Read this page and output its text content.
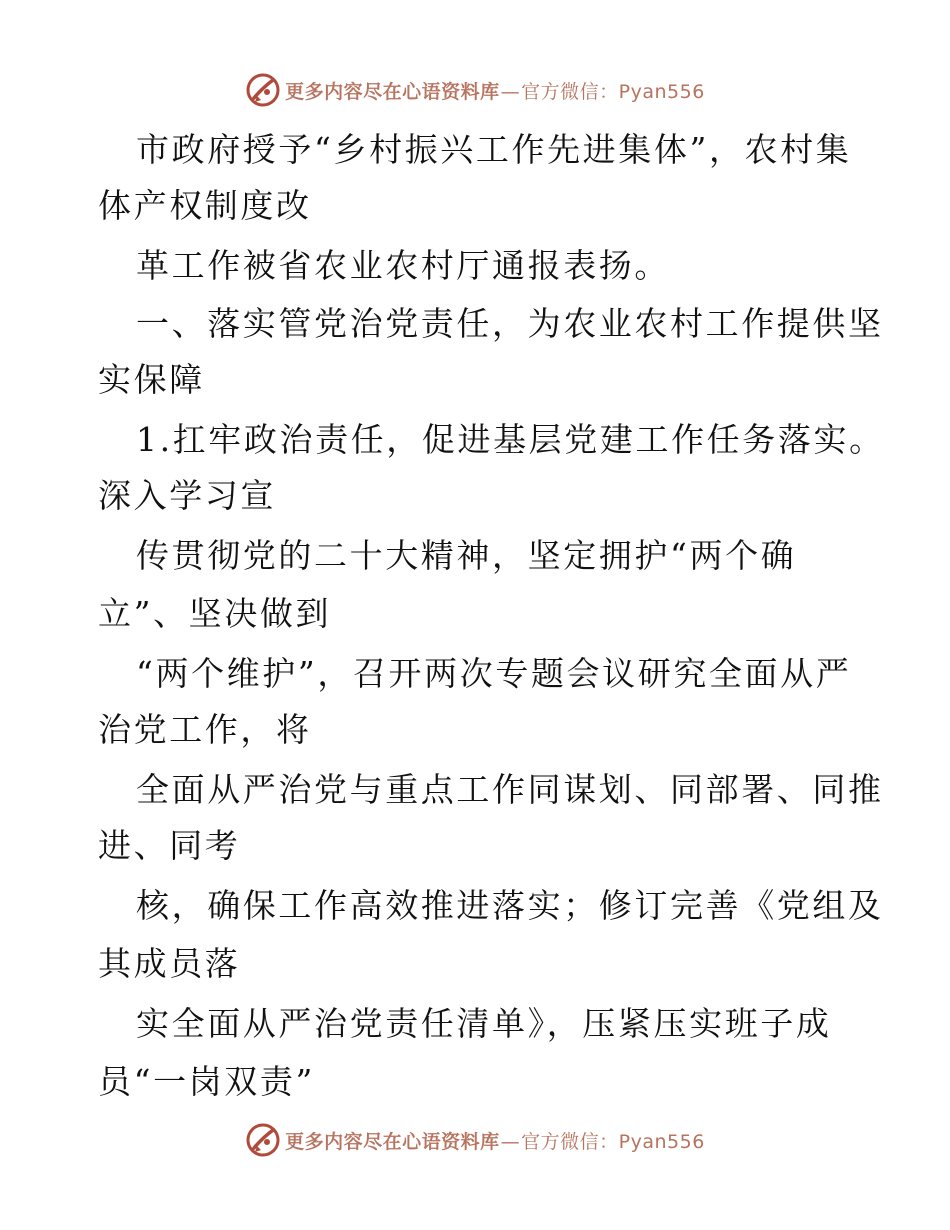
更多内容尽在心语资料库—官方微信：Pyan556
市政府授予“乡村振兴工作先进集体”，农村集
体产权制度改
革工作被省农业农村厅通报表扬。
一、落实管党治党责任，为农业农村工作提供坚
实保障
1.扛牢政治责任，促进基层党建工作任务落实。
深入学习宣
传贯彻党的二十大精神，坚定拥护“两个确
立”、坚决做到
“两个维护”，召开两次专题会议研究全面从严
治党工作，将
全面从严治党与重点工作同谋划、同部署、同推
进、同考
核，确保工作高效推进落实；修订完善《党组及
其成员落
实全面从严治党责任清单》，压紧压实班子成
员“一岗双责”
更多内容尽在心语资料库—官方微信：Pyan556
